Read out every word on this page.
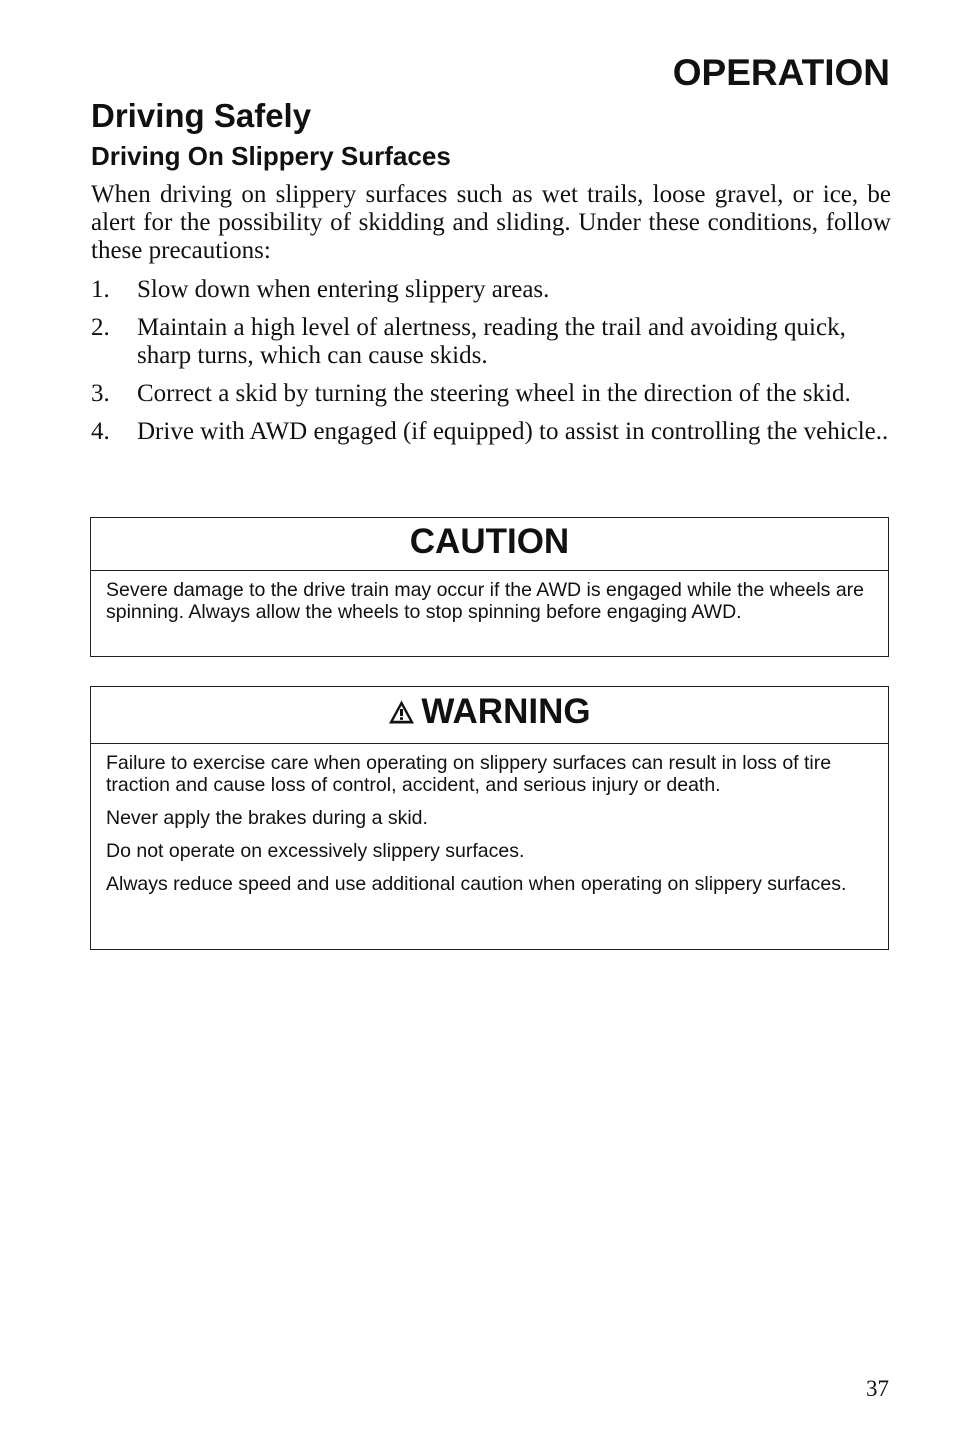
OPERATION
Driving Safely
Driving On Slippery Surfaces

When driving on slippery surfaces such as wet trails, loose gravel, or ice, be alert for the possibility of skidding and sliding. Under these conditions, follow these precautions:

1. Slow down when entering slippery areas.
2. Maintain a high level of alertness, reading the trail and avoiding quick, sharp turns, which can cause skids.
3. Correct a skid by turning the steering wheel in the direction of the skid.
4. Drive with AWD engaged (if equipped) to assist in controlling the vehicle..
CAUTION

Severe damage to the drive train may occur if the AWD is engaged while the wheels are spinning. Always allow the wheels to stop spinning before engaging AWD.

WARNING

Failure to exercise care when operating on slippery surfaces can result in loss of tire traction and cause loss of control, accident, and serious injury or death.

Never apply the brakes during a skid.

Do not operate on excessively slippery surfaces.

Always reduce speed and use additional caution when operating on slippery surfaces.

37
